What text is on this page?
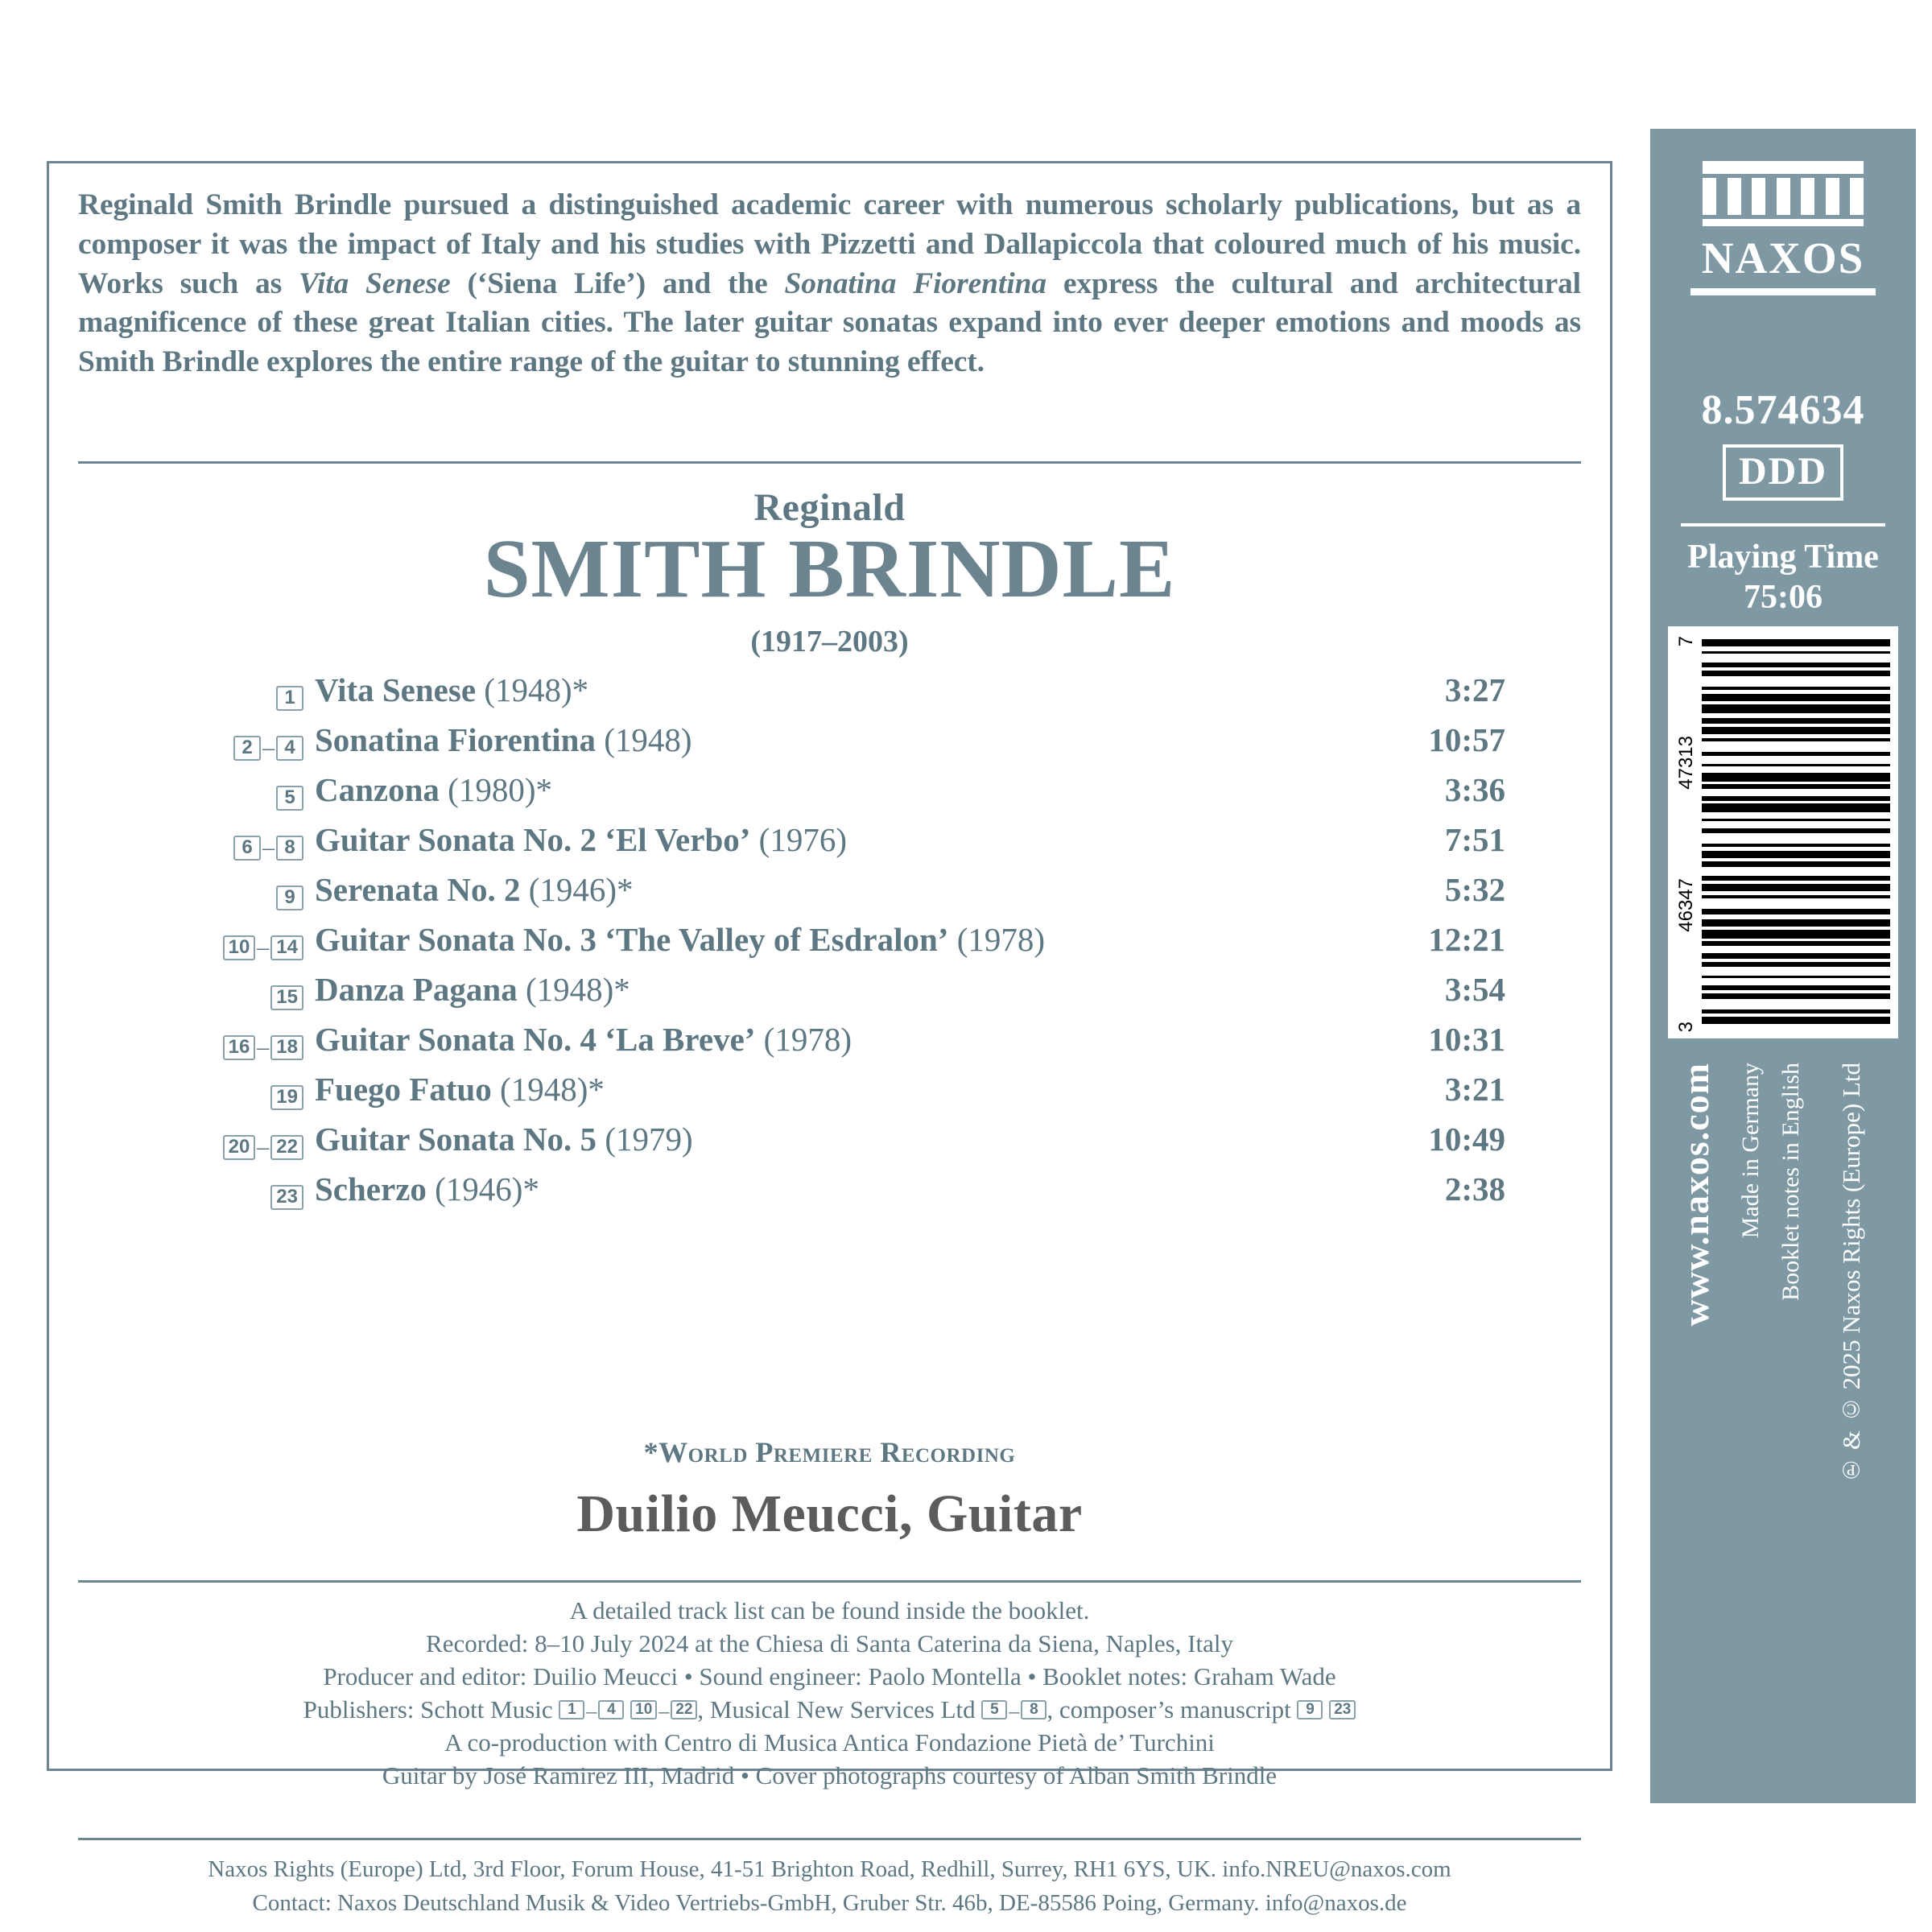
Reginald Smith Brindle pursued a distinguished academic career with numerous scholarly publications, but as a composer it was the impact of Italy and his studies with Pizzetti and Dallapiccola that coloured much of his music. Works such as Vita Senese (‘Siena Life’) and the Sonatina Fiorentina express the cultural and architectural magnificence of these great Italian cities. The later guitar sonatas expand into ever deeper emotions and moods as Smith Brindle explores the entire range of the guitar to stunning effect.
Reginald
SMITH BRINDLE
(1917–2003)
1 Vita Senese (1948)*	3:27
2 – 4 Sonatina Fiorentina (1948)	10:57
5 Canzona (1980)*	3:36
6 – 8 Guitar Sonata No. 2 ‘El Verbo’ (1976)	7:51
9 Serenata No. 2 (1946)*	5:32
10 – 14 Guitar Sonata No. 3 ‘The Valley of Esdralon’ (1978)	12:21
15 Danza Pagana (1948)*	3:54
16 – 18 Guitar Sonata No. 4 ‘La Breve’ (1978)	10:31
19 Fuego Fatuo (1948)*	3:21
20 – 22 Guitar Sonata No. 5 (1979)	10:49
23 Scherzo (1946)*	2:38
*World Premiere Recording
Duilio Meucci, Guitar
A detailed track list can be found inside the booklet.
Recorded: 8–10 July 2024 at the Chiesa di Santa Caterina da Siena, Naples, Italy
Producer and editor: Duilio Meucci • Sound engineer: Paolo Montella • Booklet notes: Graham Wade
Publishers: Schott Music 1 – 4 10 – 22 , Musical New Services Ltd 5 – 8 , composer’s manuscript 9 23
A co-production with Centro di Musica Antica Fondazione Pietà de’ Turchini
Guitar by José Ramirez III, Madrid • Cover photographs courtesy of Alban Smith Brindle
Naxos Rights (Europe) Ltd, 3rd Floor, Forum House, 41-51 Brighton Road, Redhill, Surrey, RH1 6YS, UK. info.NREU@naxos.com
Contact: Naxos Deutschland Musik & Video Vertriebs-GmbH, Gruber Str. 46b, DE-85586 Poing, Germany. info@naxos.de
NAXOS
8.574634
DDD
Playing Time
75:06
7
47313
46347
3
www.naxos.com Made in Germany Booklet notes in English ℗ & © 2025 Naxos Rights (Europe) Ltd
